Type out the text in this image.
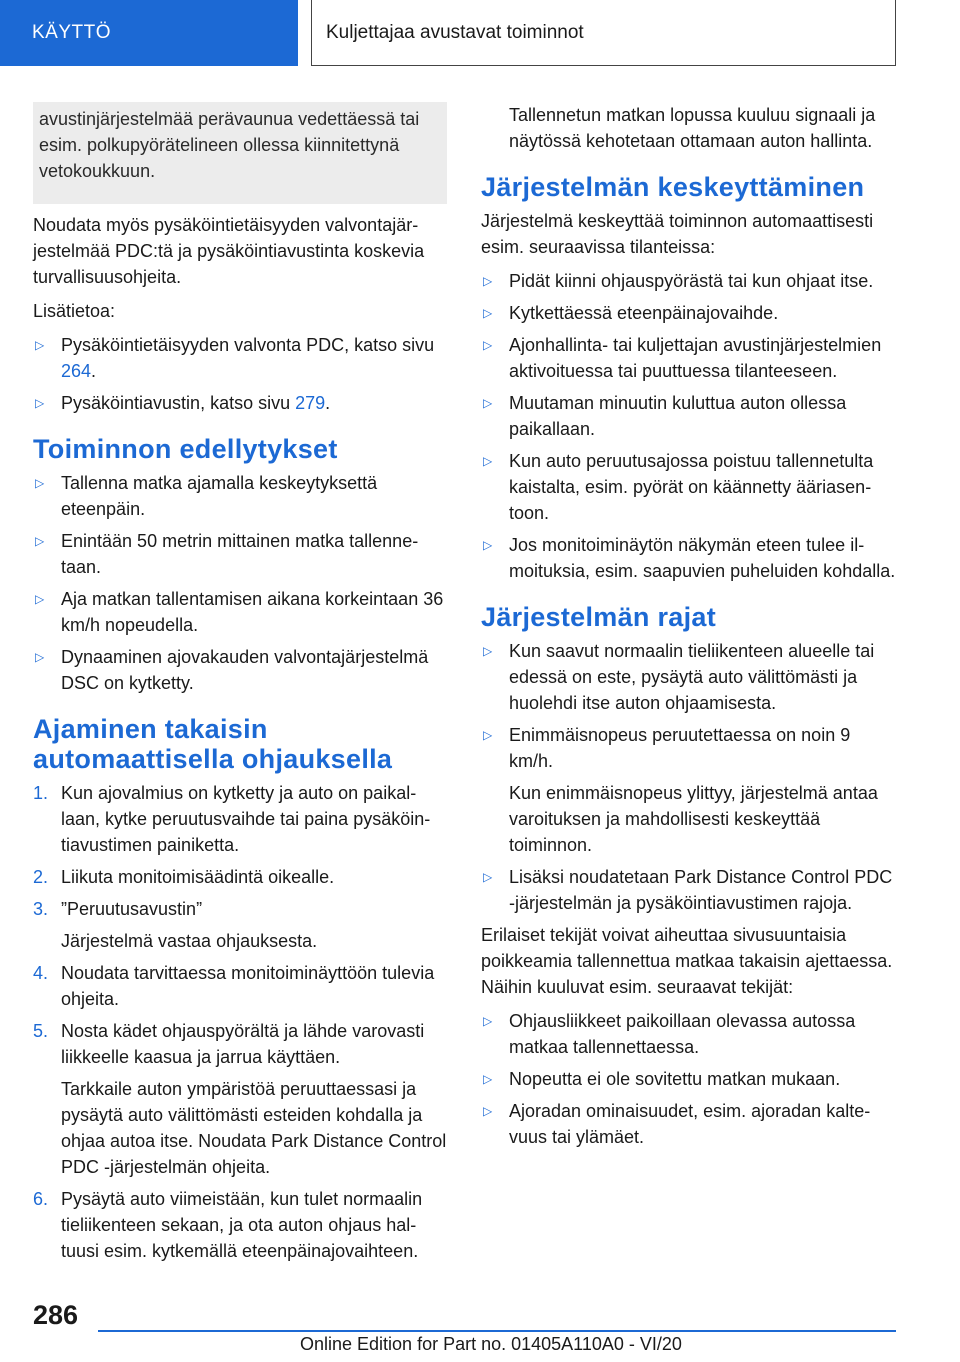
KÄYTTÖ	Kuljettajaa avustavat toiminnot
avustinjärjestelmää perävaunua vedettäessä tai esim. polkupyörätelineen ollessa kiinnitettynä vetokoukkuun.

Noudata myös pysäköintietäisyyden valvontajärjestelmää PDC:tä ja pysäköintiavustinta koskevia turvallisuusohjeita.

Lisätietoa:

▷ Pysäköintietäisyyden valvonta PDC, katso sivu 264.
▷ Pysäköintiavustin, katso sivu 279.
Toiminnon edellytykset
▷ Tallenna matka ajamalla keskeytyksettä eteenpäin.
▷ Enintään 50 metrin mittainen matka tallennetaan.
▷ Aja matkan tallentamisen aikana korkeintaan 36 km/h nopeudella.
▷ Dynaaminen ajovakauden valvontajärjestelmä DSC on kytketty.
Ajaminen takaisin automaattisella ohjauksella
1. Kun ajovalmius on kytketty ja auto on paikallaan, kytke peruutusvaihde tai paina pysäköintiavustimen painiketta.
2. Liikuta monitoimisäädintä oikealle.
3. ”Peruutusavustin”
Järjestelmä vastaa ohjauksesta.
4. Noudata tarvittaessa monitoiminäyttöön tulevia ohjeita.
5. Nosta kädet ohjauspyörältä ja lähde varovasti liikkeelle kaasua ja jarrua käyttäen.
Tarkkaile auton ympäristöä peruuttaessasi ja pysäytä auto välittömästi esteiden kohdalla ja ohjaa autoa itse. Noudata Park Distance Control PDC -järjestelmän ohjeita.
6. Pysäytä auto viimeistään, kun tulet normaalin tieliikenteen sekaan, ja ota auton ohjaus haltuusi esim. kytkemällä eteenpäinajovaihteen.

Tallennetun matkan lopussa kuuluu signaali ja näytössä kehotetaan ottamaan auton hallinta.

Järjestelmän keskeyttäminen

Järjestelmä keskeyttää toiminnon automaattisesti esim. seuraavissa tilanteissa:

▷ Pidät kiinni ohjauspyörästä tai kun ohjaat itse.
▷ Kytkettäessä eteenpäinajovaihde.
▷ Ajonhallinta- tai kuljettajan avustinjärjestelmien aktivoituessa tai puuttuessa tilanteeseen.
▷ Muutaman minuutin kuluttua auton ollessa paikallaan.
▷ Kun auto peruutusajossa poistuu tallennetulta kaistalta, esim. pyörät on käännetty ääriasentoon.
▷ Jos monitoiminäytön näkymän eteen tulee ilmoituksia, esim. saapuvien puheluiden kohdalla.
Järjestelmän rajat
▷ Kun saavut normaalin tieliikenteen alueelle tai edessä on este, pysäytä auto välittömästi ja huolehdi itse auton ohjaamisesta.
▷ Enimmäisnopeus peruutettaessa on noin 9 km/h.
Kun enimmäisnopeus ylittyy, järjestelmä antaa varoituksen ja mahdollisesti keskeyttää toiminnon.
▷ Lisäksi noudatetaan Park Distance Control PDC -järjestelmän ja pysäköintiavustimen rajoja.

Erilaiset tekijät voivat aiheuttaa sivusuuntaisia poikkeamia tallennettua matkaa takaisin ajettaessa. Näihin kuuluvat esim. seuraavat tekijät:

▷ Ohjausliikkeet paikoillaan olevassa autossa matkaa tallennettaessa.
▷ Nopeutta ei ole sovitettu matkan mukaan.
▷ Ajoradan ominaisuudet, esim. ajoradan kaltevuus tai ylämäet.
286
Online Edition for Part no. 01405A110A0 - VI/20
